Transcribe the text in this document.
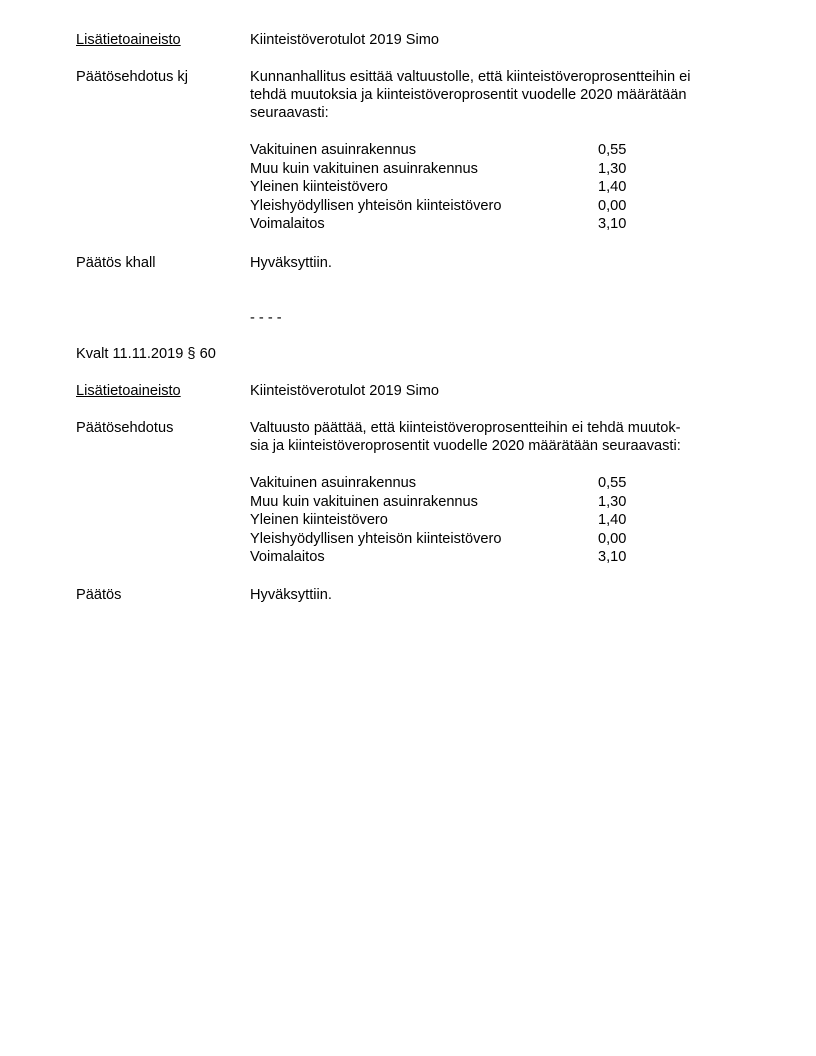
Lisätietoaineisto	Kiinteistöverotulot 2019 Simo
Päätösehdotus kj	Kunnanhallitus esittää valtuustolle, että kiinteistöveroprosentteihin ei
tehdä muutoksia ja kiinteistöveroprosentit vuodelle 2020 määrätään
seuraavasti:
Vakituinen asuinrakennus	0,55
Muu kuin vakituinen asuinrakennus	1,30
Yleinen kiinteistövero	1,40
Yleishyödyllisen yhteisön kiinteistövero	0,00
Voimalaitos	3,10
Päätös khall	Hyväksyttiin.
- - - -
Kvalt 11.11.2019 § 60
Lisätietoaineisto	Kiinteistöverotulot 2019 Simo
Päätösehdotus	Valtuusto päättää, että kiinteistöveroprosentteihin ei tehdä muutok-
sia ja kiinteistöveroprosentit vuodelle 2020 määrätään seuraavasti:
Vakituinen asuinrakennus	0,55
Muu kuin vakituinen asuinrakennus	1,30
Yleinen kiinteistövero	1,40
Yleishyödyllisen yhteisön kiinteistövero	0,00
Voimalaitos	3,10
Päätös	Hyväksyttiin.
